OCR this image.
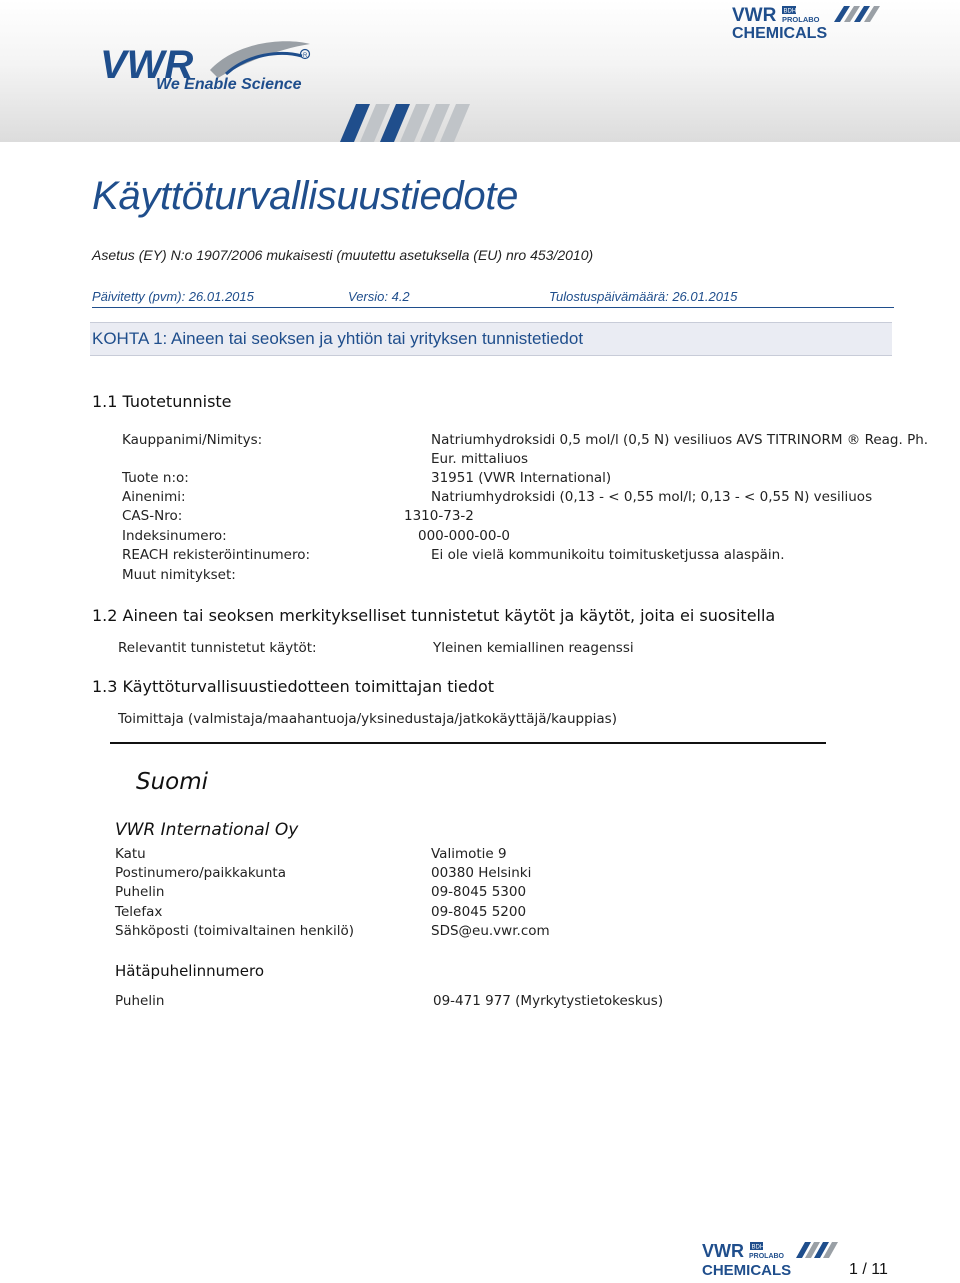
VWR	R
We Enable Science
VWR BDH
PROLABO
CHEMICALS
Käyttöturvallisuustiedote
Asetus (EY) N:o 1907/2006 mukaisesti (muutettu asetuksella (EU) nro 453/2010)
Päivitetty (pvm): 26.01.2015	Versio: 4.2	Tulostuspäivämäärä: 26.01.2015
KOHTA 1: Aineen tai seoksen ja yhtiön tai yrityksen tunnistetiedot
1.1 Tuotetunniste
Kauppanimi/Nimitys:	Natriumhydroksidi 0,5 mol/l (0,5 N) vesiliuos AVS TITRINORM ® Reag. Ph.
Eur. mittaliuos
Tuote n:o:	31951 (VWR International)
Ainenimi:	Natriumhydroksidi (0,13 - < 0,55 mol/l; 0,13 - < 0,55 N) vesiliuos
CAS-Nro:	1310-73-2
Indeksinumero:	000-000-00-0
REACH rekisteröintinumero:	Ei ole vielä kommunikoitu toimitusketjussa alaspäin.
Muut nimitykset:
1.2 Aineen tai seoksen merkitykselliset tunnistetut käytöt ja käytöt, joita ei suositella
Relevantit tunnistetut käytöt:	Yleinen kemiallinen reagenssi
1.3 Käyttöturvallisuustiedotteen toimittajan tiedot
Toimittaja (valmistaja/maahantuoja/yksinedustaja/jatkokäyttäjä/kauppias)
Suomi
VWR International Oy
Katu	Valimotie 9
Postinumero/paikkakunta	00380 Helsinki
Puhelin	09-8045 5300
Telefax	09-8045 5200
Sähköposti (toimivaltainen henkilö)	SDS@eu.vwr.com
Hätäpuhelinnumero
Puhelin	09-471 977 (Myrkytystietokeskus)
VWR BDH
PROLABO
CHEMICALS	1 / 11
